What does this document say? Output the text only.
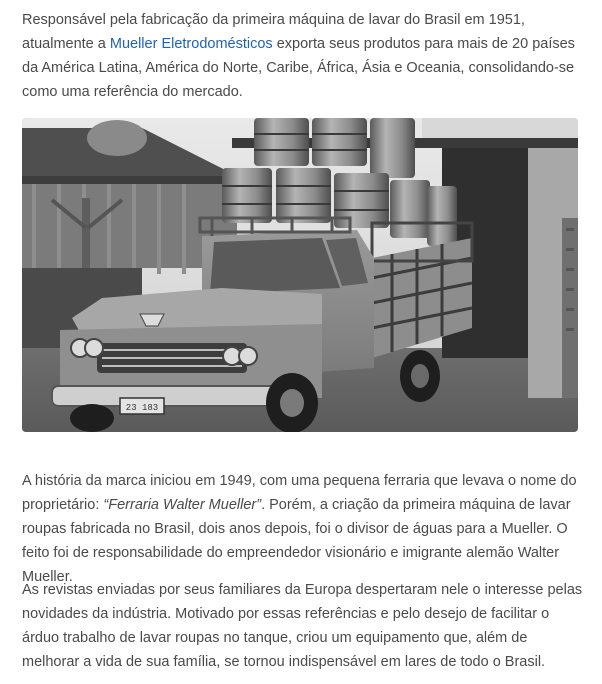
Responsável pela fabricação da primeira máquina de lavar do Brasil em 1951, atualmente a Mueller Eletrodomésticos exporta seus produtos para mais de 20 países da América Latina, América do Norte, Caribe, África, Ásia e Oceania, consolidando-se como uma referência do mercado.

23 183

A história da marca iniciou em 1949, com uma pequena ferraria que levava o nome do proprietário: “Ferraria Walter Mueller”. Porém, a criação da primeira máquina de lavar roupas fabricada no Brasil, dois anos depois, foi o divisor de águas para a Mueller. O feito foi de responsabilidade do empreendedor visionário e imigrante alemão Walter Mueller.

As revistas enviadas por seus familiares da Europa despertaram nele o interesse pelas novidades da indústria. Motivado por essas referências e pelo desejo de facilitar o árduo trabalho de lavar roupas no tanque, criou um equipamento que, além de melhorar a vida de sua família, se tornou indispensável em lares de todo o Brasil.
